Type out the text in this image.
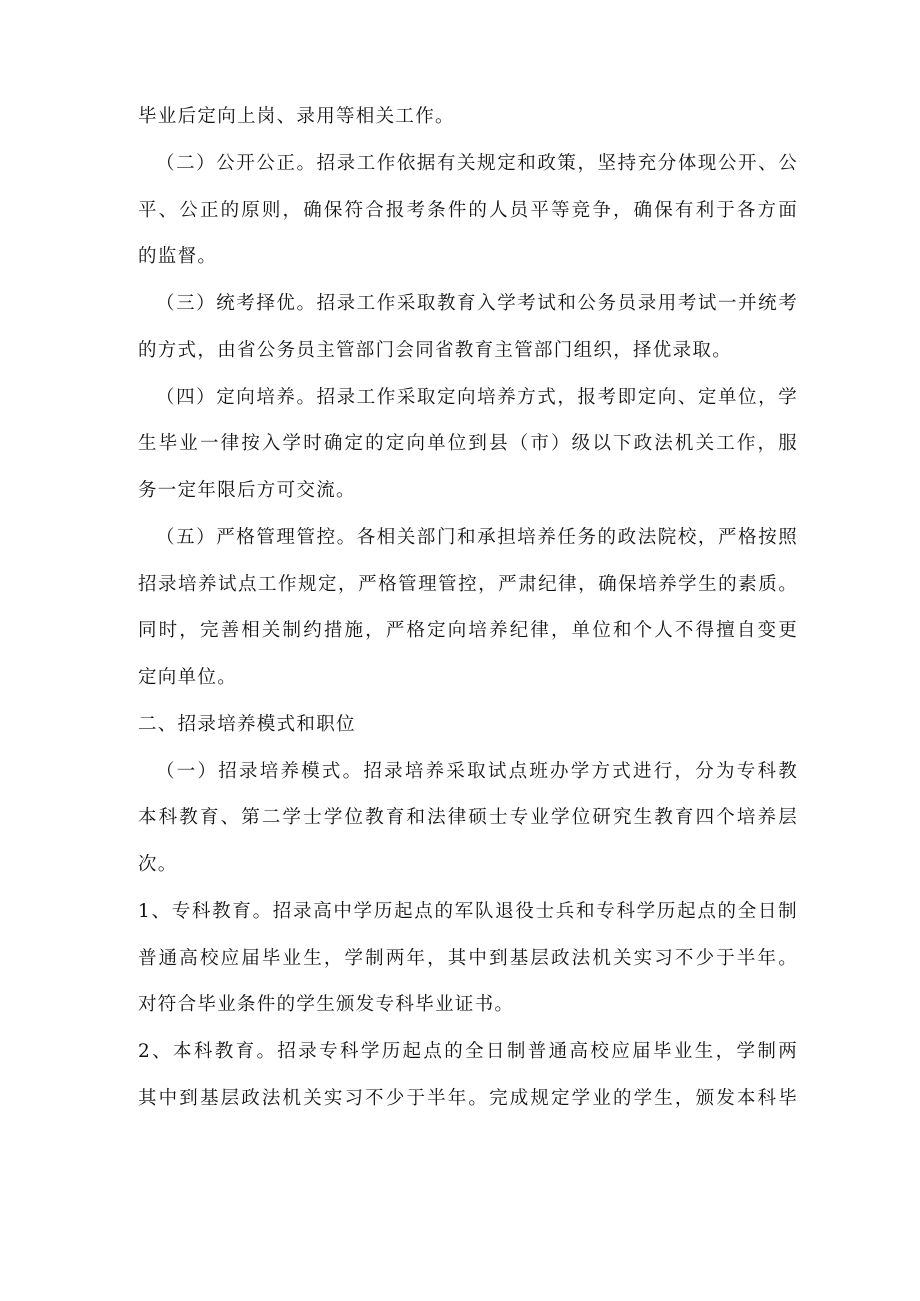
毕业后定向上岗、录用等相关工作。
（二）公开公正。招录工作依据有关规定和政策，坚持充分体现公开、公
平、公正的原则，确保符合报考条件的人员平等竞争，确保有利于各方面
的监督。
（三）统考择优。招录工作采取教育入学考试和公务员录用考试一并统考
的方式，由省公务员主管部门会同省教育主管部门组织，择优录取。
（四）定向培养。招录工作采取定向培养方式，报考即定向、定单位，学
生毕业一律按入学时确定的定向单位到县（市）级以下政法机关工作，服
务一定年限后方可交流。
（五）严格管理管控。各相关部门和承担培养任务的政法院校，严格按照
招录培养试点工作规定，严格管理管控，严肃纪律，确保培养学生的素质。
同时，完善相关制约措施，严格定向培养纪律，单位和个人不得擅自变更
定向单位。
二、招录培养模式和职位
（一）招录培养模式。招录培养采取试点班办学方式进行，分为专科教
本科教育、第二学士学位教育和法律硕士专业学位研究生教育四个培养层
次。
1、专科教育。招录高中学历起点的军队退役士兵和专科学历起点的全日制
普通高校应届毕业生，学制两年，其中到基层政法机关实习不少于半年。
对符合毕业条件的学生颁发专科毕业证书。
2、本科教育。招录专科学历起点的全日制普通高校应届毕业生，学制两
其中到基层政法机关实习不少于半年。完成规定学业的学生，颁发本科毕
